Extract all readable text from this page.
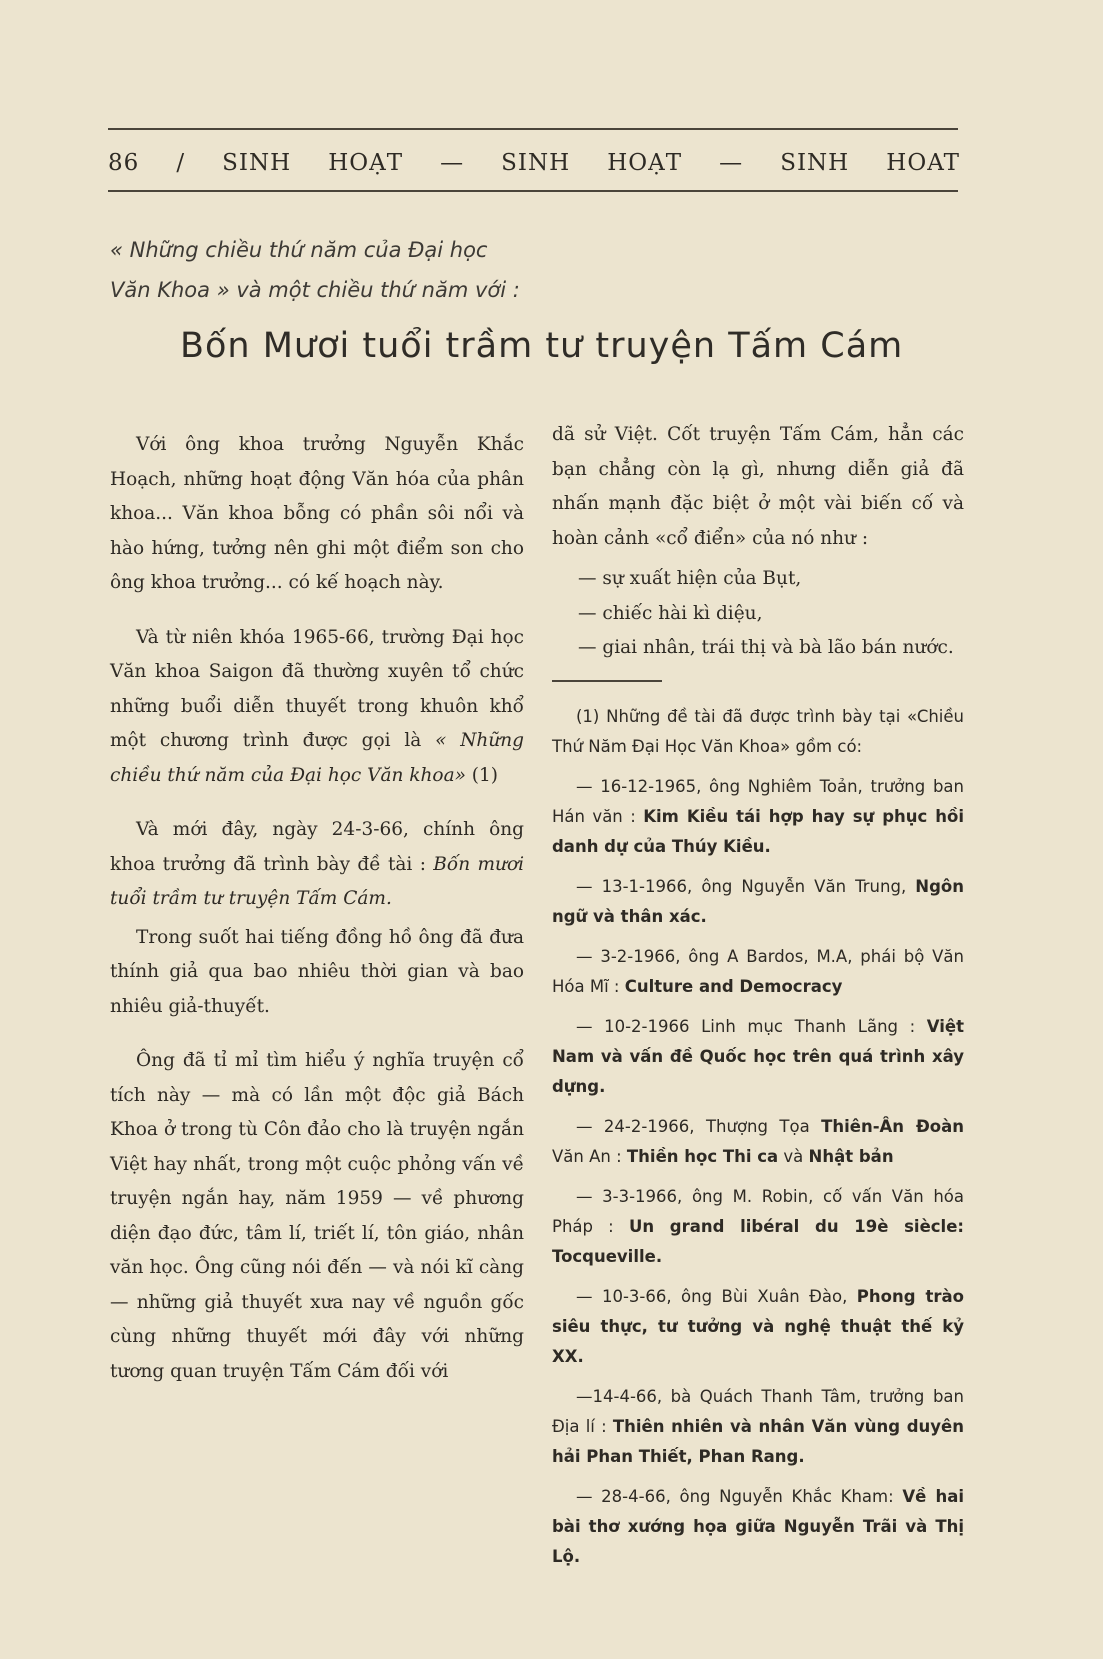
86 / SINH HOẠT — SINH HOẠT — SINH HOAT
« Những chiều thứ năm của Đại học
Văn Khoa » và một chiều thứ năm với :
Bốn Mươi tuổi trầm tư truyện Tấm Cám

Với ông khoa trưởng Nguyễn Khắc Hoạch, những hoạt động Văn hóa của phân khoa... Văn khoa bỗng có phần sôi nổi và hào hứng, tưởng nên ghi một điểm son cho ông khoa trưởng... có kế hoạch này.

Và từ niên khóa 1965-66, trường Đại học Văn khoa Saigon đã thường xuyên tổ chức những buổi diễn thuyết trong khuôn khổ một chương trình được gọi là « Những chiều thứ năm của Đại học Văn khoa» (1)

Và mới đây, ngày 24-3-66, chính ông khoa trưởng đã trình bày đề tài : Bốn mươi tuổi trầm tư truyện Tấm Cám.

Trong suốt hai tiếng đồng hồ ông đã đưa thính giả qua bao nhiêu thời gian và bao nhiêu giả-thuyết.

Ông đã tỉ mỉ tìm hiểu ý nghĩa truyện cổ tích này — mà có lần một độc giả Bách Khoa ở trong tù Côn đảo cho là truyện ngắn Việt hay nhất, trong một cuộc phỏng vấn về truyện ngắn hay, năm 1959 — về phương diện đạo đức, tâm lí, triết lí, tôn giáo, nhân văn học. Ông cũng nói đến — và nói kĩ càng — những giả thuyết xưa nay về nguồn gốc cùng những thuyết mới đây với những tương quan truyện Tấm Cám đối với

dã sử Việt. Cốt truyện Tấm Cám, hẳn các bạn chẳng còn lạ gì, nhưng diễn giả đã nhấn mạnh đặc biệt ở một vài biến cố và hoàn cảnh «cổ điển» của nó như :

— sự xuất hiện của Bụt,

— chiếc hài kì diệu,

— giai nhân, trái thị và bà lão bán nước.

(1) Những đề tài đã được trình bày tại «Chiều Thứ Năm Đại Học Văn Khoa» gồm có:

— 16-12-1965, ông Nghiêm Toản, trưởng ban Hán văn : Kim Kiều tái hợp hay sự phục hồi danh dự của Thúy Kiều.

— 13-1-1966, ông Nguyễn Văn Trung, Ngôn ngữ và thân xác.

— 3-2-1966, ông A Bardos, M.A, phái bộ Văn Hóa Mĩ : Culture and Democracy

— 10-2-1966 Linh mục Thanh Lãng : Việt Nam và vấn đề Quốc học trên quá trình xây dựng.

— 24-2-1966, Thượng Tọa Thiên-Ân Đoàn Văn An : Thiền học Thi ca và Nhật bản

— 3-3-1966, ông M. Robin, cố vấn Văn hóa Pháp : Un grand libéral du 19è siècle: Tocqueville.

— 10-3-66, ông Bùi Xuân Đào, Phong trào siêu thực, tư tưởng và nghệ thuật thế kỷ XX.

—14-4-66, bà Quách Thanh Tâm, trưởng ban Địa lí : Thiên nhiên và nhân Văn vùng duyên hải Phan Thiết, Phan Rang.

— 28-4-66, ông Nguyễn Khắc Kham: Về hai bài thơ xướng họa giữa Nguyễn Trãi và Thị Lộ.
